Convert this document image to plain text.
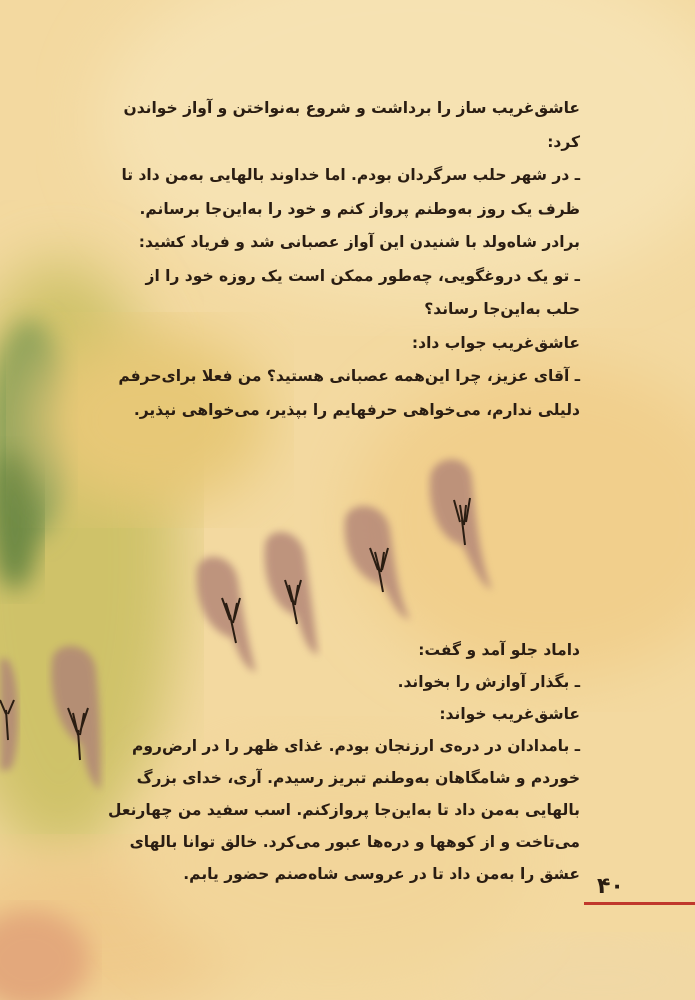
عاشق‌غریب ساز را برداشت و شروع به‌نواختن و آواز خواندن

کرد:

ـ در شهر حلب سرگردان بودم. اما خداوند بالهایی به‌من داد تا

ظرف یک روز به‌وطنم پرواز کنم و خود را به‌این‌جا برسانم.

برادر شاه‌ولد با شنیدن این آواز عصبانی شد و فریاد کشید:

ـ تو یک دروغگویی، چه‌طور ممکن است یک روزه خود را از

حلب به‌این‌جا رساند؟

عاشق‌غریب جواب داد:

ـ آقای عزیز، چرا این‌همه عصبانی هستید؟ من فعلا برای‌حرفم

دلیلی ندارم، می‌خواهی حرفهایم را بپذیر، می‌خواهی نپذیر.

داماد جلو آمد و گفت:

ـ بگذار آوازش را بخواند.

عاشق‌غریب خواند:

ـ بامدادان در دره‌ی ارزنجان بودم. غذای ظهر را در ارض‌روم

خوردم و شامگاهان به‌وطنم تبریز رسیدم. آری، خدای بزرگ

بالهایی به‌من داد تا به‌این‌جا پروازکنم. اسب سفید من چهارنعل

می‌تاخت و از کوهها و دره‌ها عبور می‌کرد. خالق توانا بالهای

عشق را به‌من داد تا در عروسی شاه‌صنم حضور یابم. ۴۰
